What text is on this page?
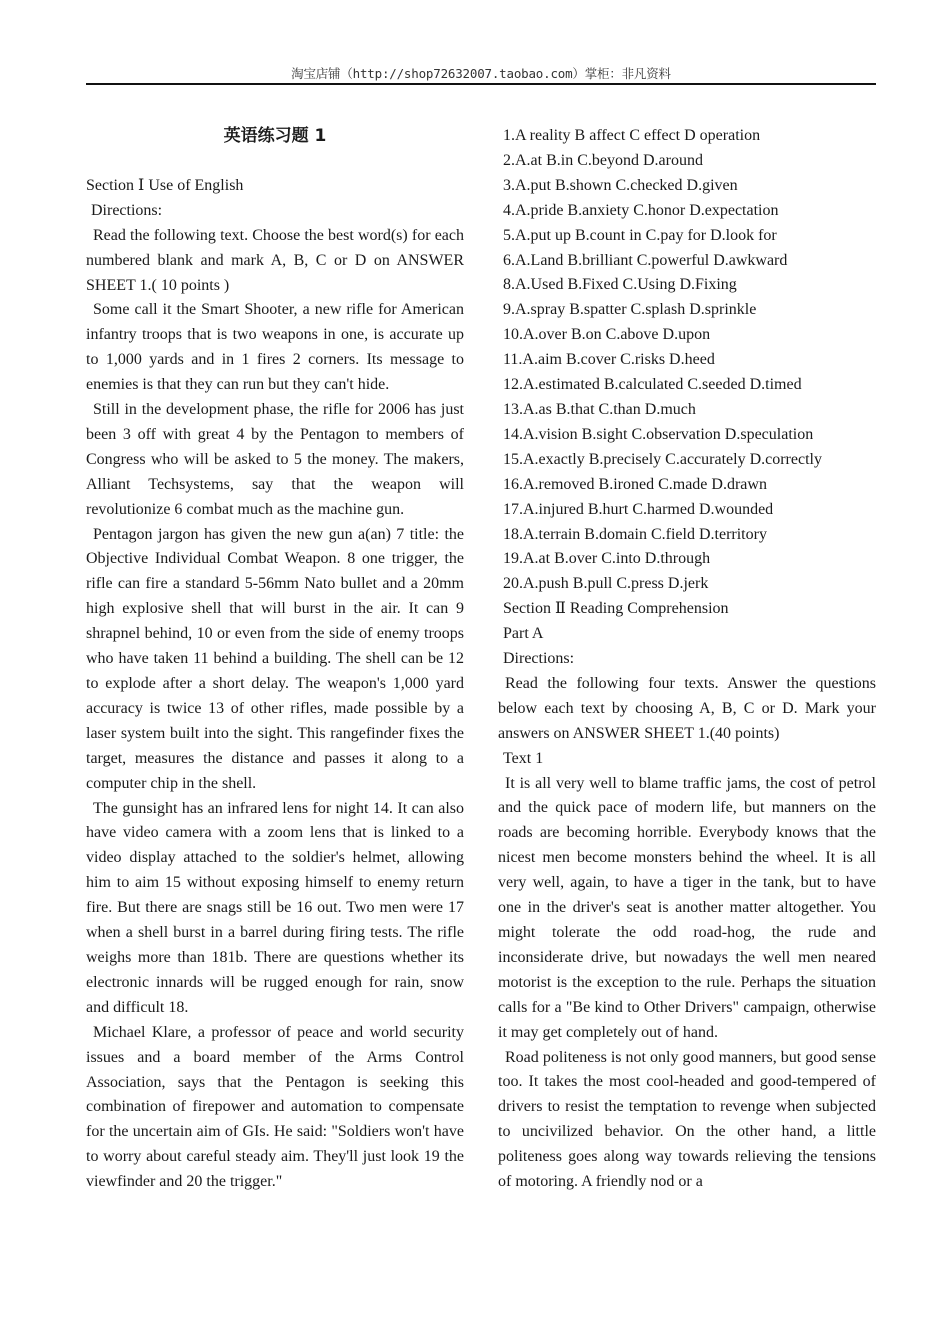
淘宝店铺（http://shop72632007.taobao.com）掌柜：非凡资料
英语练习题 1

Section Ⅰ Use of English

Directions:

Read the following text. Choose the best word(s) for each numbered blank and mark A, B, C or D on ANSWER SHEET 1.( 10 points )

Some call it the Smart Shooter, a new rifle for American infantry troops that is two weapons in one, is accurate up to 1,000 yards and in 1 fires 2 corners. Its message to enemies is that they can run but they can't hide.

Still in the development phase, the rifle for 2006 has just been 3 off with great 4 by the Pentagon to members of Congress who will be asked to 5 the money. The makers, Alliant Techsystems, say that the weapon will revolutionize 6 combat much as the machine gun.

Pentagon jargon has given the new gun a(an) 7 title: the Objective Individual Combat Weapon. 8 one trigger, the rifle can fire a standard 5-56mm Nato bullet and a 20mm high explosive shell that will burst in the air. It can 9 shrapnel behind, 10 or even from the side of enemy troops who have taken 11 behind a building. The shell can be 12 to explode after a short delay. The weapon's 1,000 yard accuracy is twice 13 of other rifles, made possible by a laser system built into the sight. This rangefinder fixes the target, measures the distance and passes it along to a computer chip in the shell.

The gunsight has an infrared lens for night 14. It can also have video camera with a zoom lens that is linked to a video display attached to the soldier's helmet, allowing him to aim 15 without exposing himself to enemy return fire. But there are snags still be 16 out. Two men were 17 when a shell burst in a barrel during firing tests. The rifle weighs more than 181b. There are questions whether its electronic innards will be rugged enough for rain, snow and difficult 18.

Michael Klare, a professor of peace and world security issues and a board member of the Arms Control Association, says that the Pentagon is seeking this combination of firepower and automation to compensate for the uncertain aim of GIs. He said: "Soldiers won't have to worry about careful steady aim. They'll just look 19 the viewfinder and 20 the trigger."

1.A reality B affect C effect D operation

2.A.at B.in C.beyond D.around

3.A.put B.shown C.checked D.given

4.A.pride B.anxiety C.honor D.expectation

5.A.put up B.count in C.pay for D.look for

6.A.Land B.brilliant C.powerful D.awkward

8.A.Used B.Fixed C.Using D.Fixing

9.A.spray B.spatter C.splash D.sprinkle

10.A.over B.on C.above D.upon

11.A.aim B.cover C.risks D.heed

12.A.estimated B.calculated C.seeded D.timed

13.A.as B.that C.than D.much

14.A.vision B.sight C.observation D.speculation

15.A.exactly B.precisely C.accurately D.correctly

16.A.removed B.ironed C.made D.drawn

17.A.injured B.hurt C.harmed D.wounded

18.A.terrain B.domain C.field D.territory

19.A.at B.over C.into D.through

20.A.push B.pull C.press D.jerk

Section Ⅱ Reading Comprehension

Part A

Directions:

Read the following four texts. Answer the questions below each text by choosing A, B, C or D. Mark your answers on ANSWER SHEET 1.(40 points)

Text 1

It is all very well to blame traffic jams, the cost of petrol and the quick pace of modern life, but manners on the roads are becoming horrible. Everybody knows that the nicest men become monsters behind the wheel. It is all very well, again, to have a tiger in the tank, but to have one in the driver's seat is another matter altogether. You might tolerate the odd road-hog, the rude and inconsiderate drive, but nowadays the well men neared motorist is the exception to the rule. Perhaps the situation calls for a "Be kind to Other Drivers" campaign, otherwise it may get completely out of hand.

Road politeness is not only good manners, but good sense too. It takes the most cool-headed and good-tempered of drivers to resist the temptation to revenge when subjected to uncivilized behavior. On the other hand, a little politeness goes along way towards relieving the tensions of motoring. A friendly nod or a
